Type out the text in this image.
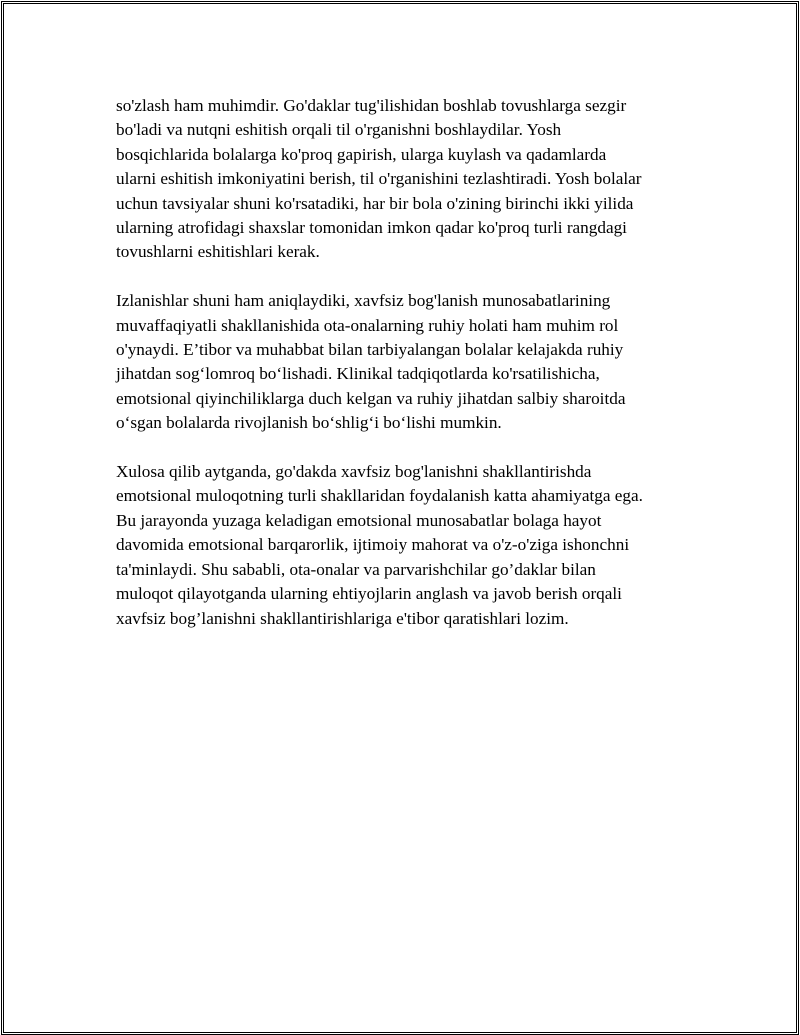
so'zlash ham muhimdir. Go'daklar tug'ilishidan boshlab tovushlarga sezgir
bo'ladi va nutqni eshitish orqali til o'rganishni boshlaydilar. Yosh
bosqichlarida bolalarga ko'proq gapirish, ularga kuylash va qadamlarda
ularni eshitish imkoniyatini berish, til o'rganishini tezlashtiradi. Yosh bolalar
uchun tavsiyalar shuni ko'rsatadiki, har bir bola o'zining birinchi ikki yilida
ularning atrofidagi shaxslar tomonidan imkon qadar ko'proq turli rangdagi
tovushlarni eshitishlari kerak.

Izlanishlar shuni ham aniqlaydiki, xavfsiz bog'lanish munosabatlarining
muvaffaqiyatli shakllanishida ota-onalarning ruhiy holati ham muhim rol
o'ynaydi. E’tibor va muhabbat bilan tarbiyalangan bolalar kelajakda ruhiy
jihatdan sog‘lomroq bo‘lishadi. Klinikal tadqiqotlarda ko'rsatilishicha,
emotsional qiyinchiliklarga duch kelgan va ruhiy jihatdan salbiy sharoitda
o‘sgan bolalarda rivojlanish bo‘shlig‘i bo‘lishi mumkin.

Xulosa qilib aytganda, go'dakda xavfsiz bog'lanishni shakllantirishda
emotsional muloqotning turli shakllaridan foydalanish katta ahamiyatga ega.
Bu jarayonda yuzaga keladigan emotsional munosabatlar bolaga hayot
davomida emotsional barqarorlik, ijtimoiy mahorat va o'z-o'ziga ishonchni
ta'minlaydi. Shu sababli, ota-onalar va parvarishchilar go’daklar bilan
muloqot qilayotganda ularning ehtiyojlarin anglash va javob berish orqali
xavfsiz bog’lanishni shakllantirishlariga e'tibor qaratishlari lozim.
